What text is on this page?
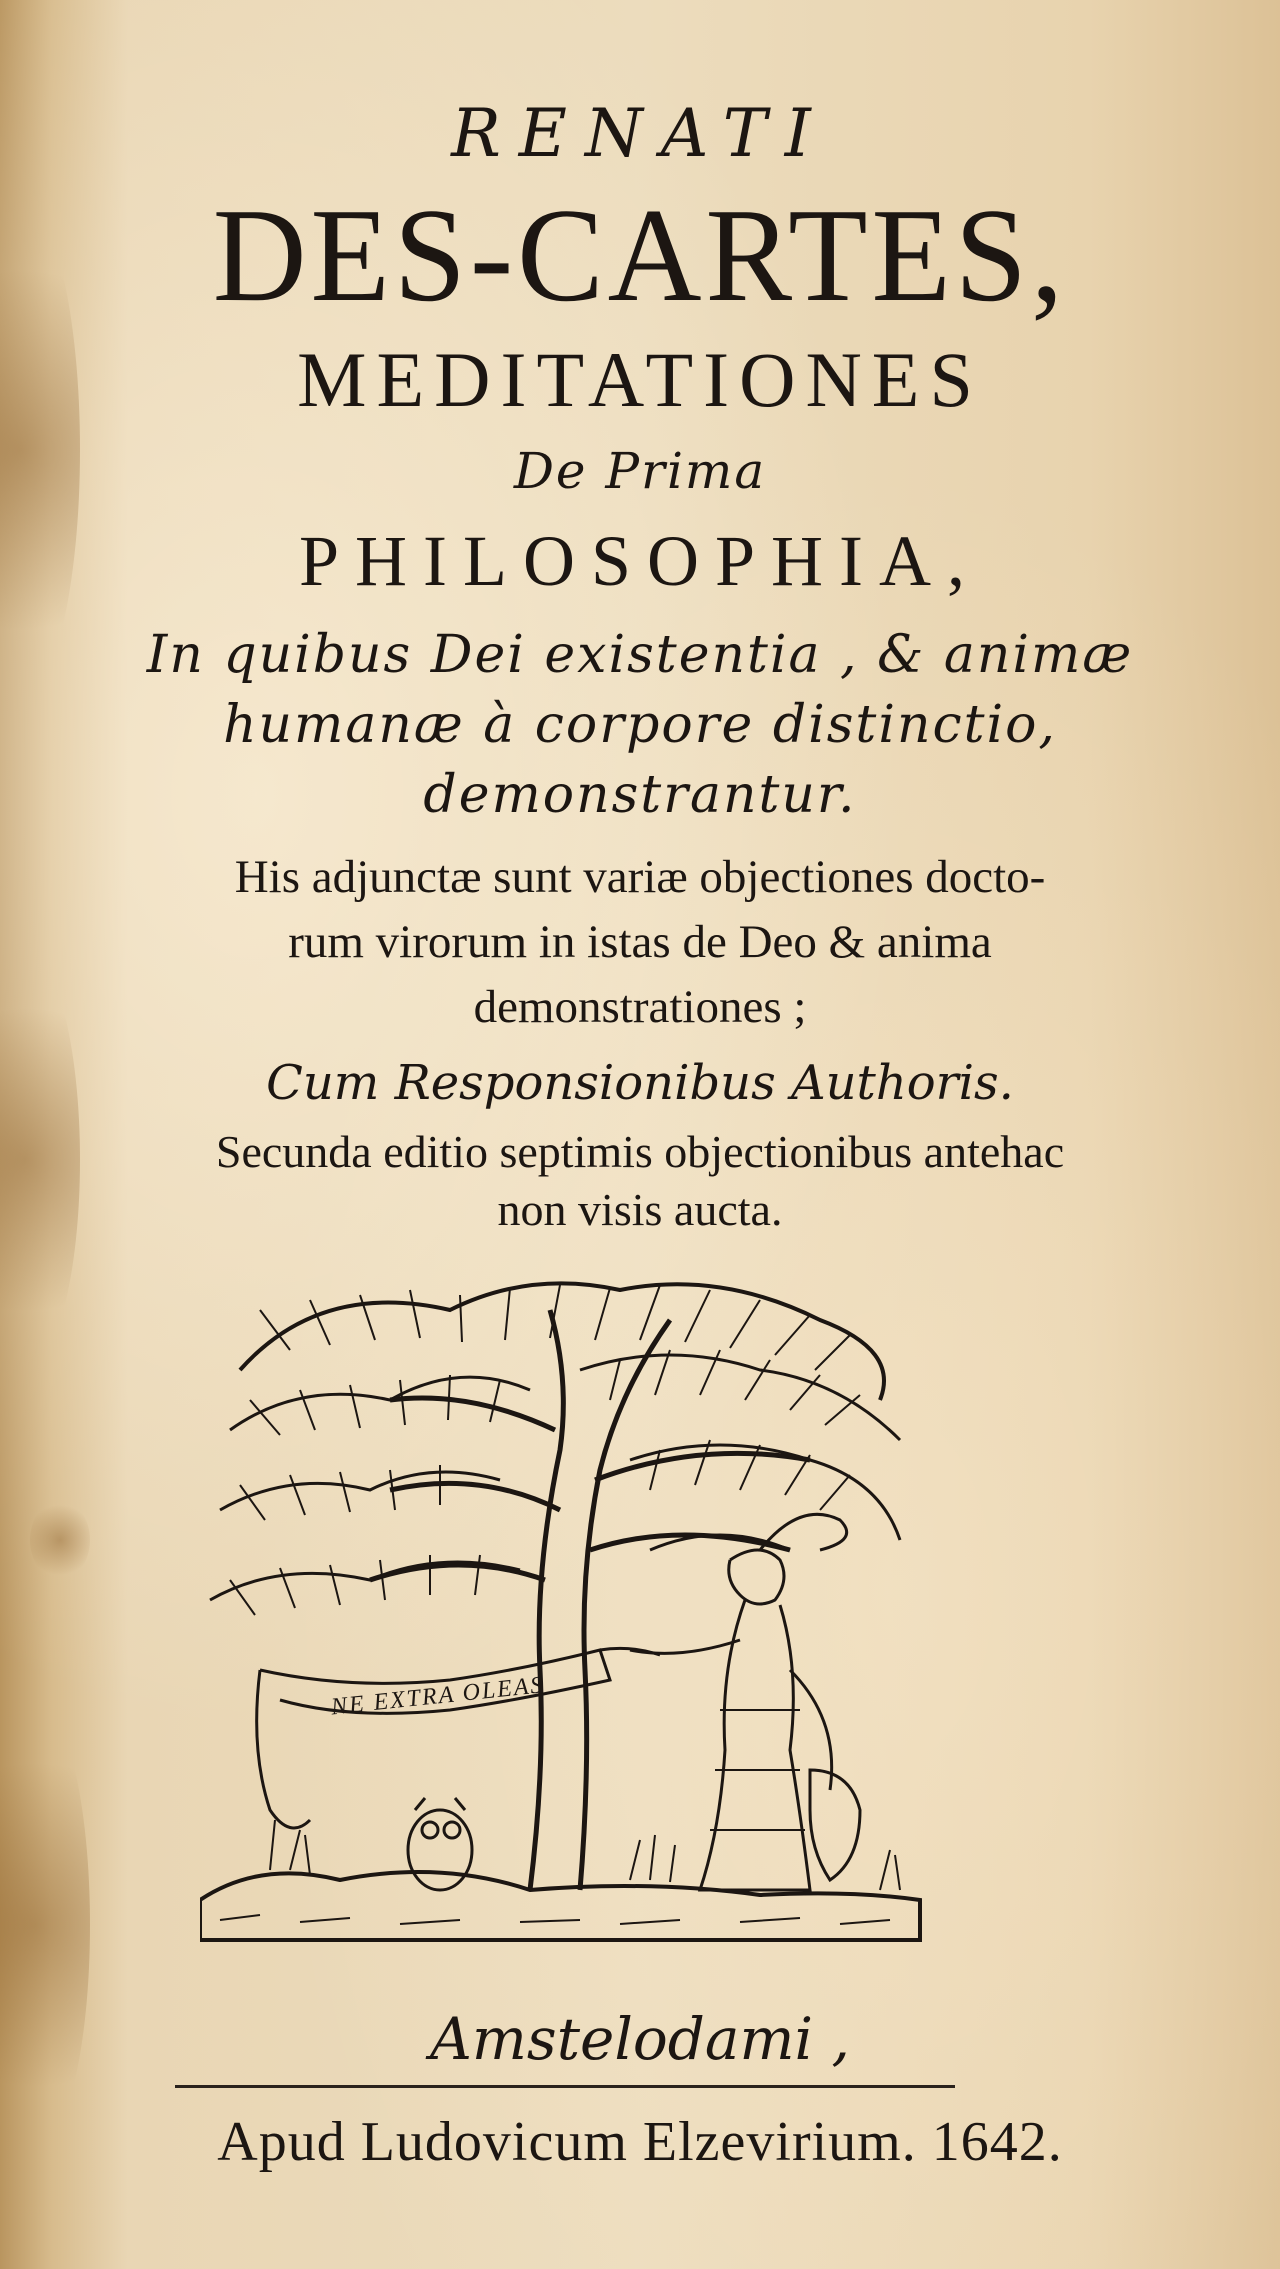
RENATI
DES-CARTES,
MEDITATIONES
De Prima
PHILOSOPHIA,
In quibus Dei existentia , & animæ
humanæ à corpore distinctio,
demonstrantur.
His adjunctæ sunt variæ objectiones docto-
rum virorum in istas de Deo & anima
demonstrationes ;
Cum Responsionibus Authoris.
Secunda editio septimis objectionibus antehac
non visis aucta.
NE EXTRA OLEAS
Amstelodami ,
Apud Ludovicum Elzevirium. 1642.
